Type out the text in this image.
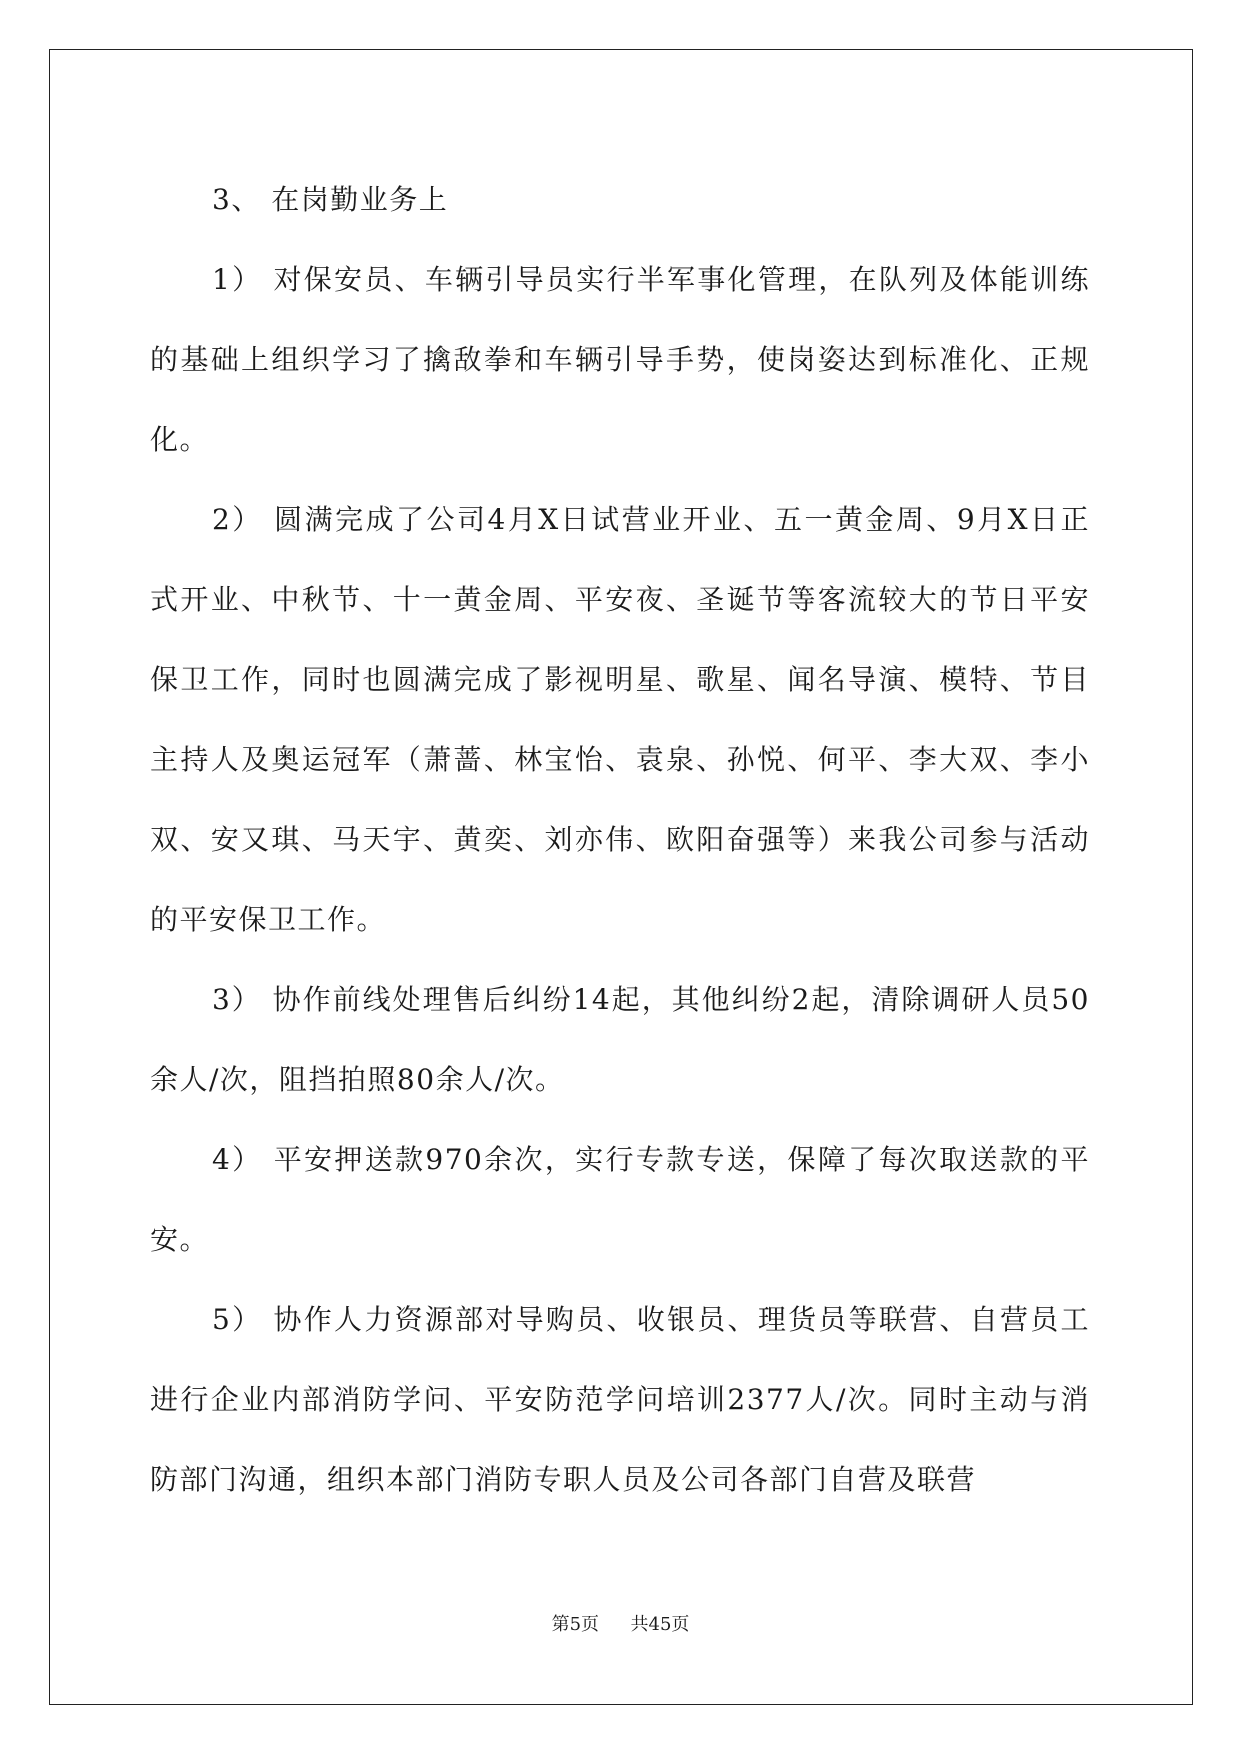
3、 在岗勤业务上

1） 对保安员、车辆引导员实行半军事化管理，在队列及体能训练的基础上组织学习了擒敌拳和车辆引导手势，使岗姿达到标准化、正规化。

2） 圆满完成了公司4月X日试营业开业、五一黄金周、9月X日正式开业、中秋节、十一黄金周、平安夜、圣诞节等客流较大的节日平安保卫工作，同时也圆满完成了影视明星、歌星、闻名导演、模特、节目主持人及奥运冠军（萧蔷、林宝怡、袁泉、孙悦、何平、李大双、李小双、安又琪、马天宇、黄奕、刘亦伟、欧阳奋强等）来我公司参与活动的平安保卫工作。

3） 协作前线处理售后纠纷14起，其他纠纷2起，清除调研人员50余人/次，阻挡拍照80余人/次。

4） 平安押送款970余次，实行专款专送，保障了每次取送款的平安。

5） 协作人力资源部对导购员、收银员、理货员等联营、自营员工进行企业内部消防学问、平安防范学问培训2377人/次。同时主动与消防部门沟通，组织本部门消防专职人员及公司各部门自营及联营

第5页 共45页
